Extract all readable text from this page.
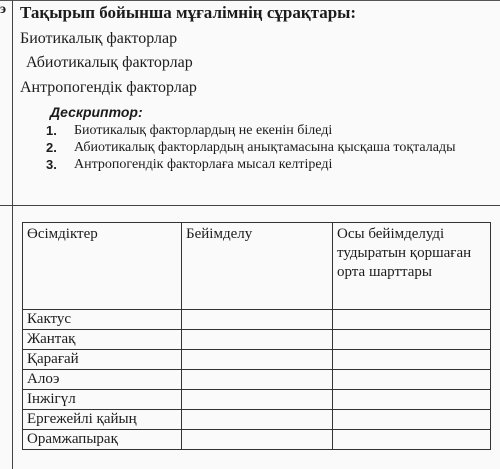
э Тақырып бойынша мұғалімнің сұрақтары:
Биотикалық факторлар
Абиотикалық факторлар
Антропогендік факторлар
Дескриптор:
1. Биотикалық факторлардың не екенін біледі
2. Абиотикалық факторлардың анықтамасына қысқаша тоқталады
3. Антропогендік факторлаға мысал келтіреді
Өсімдіктер	Бейімделу	Осы бейімделуді тудыратын қоршаған орта шарттары
Кактус		
Жантақ		
Қарағай		
Алоэ		
Інжігүл		
Ергежейлі қайың		
Орамжапырақ		
